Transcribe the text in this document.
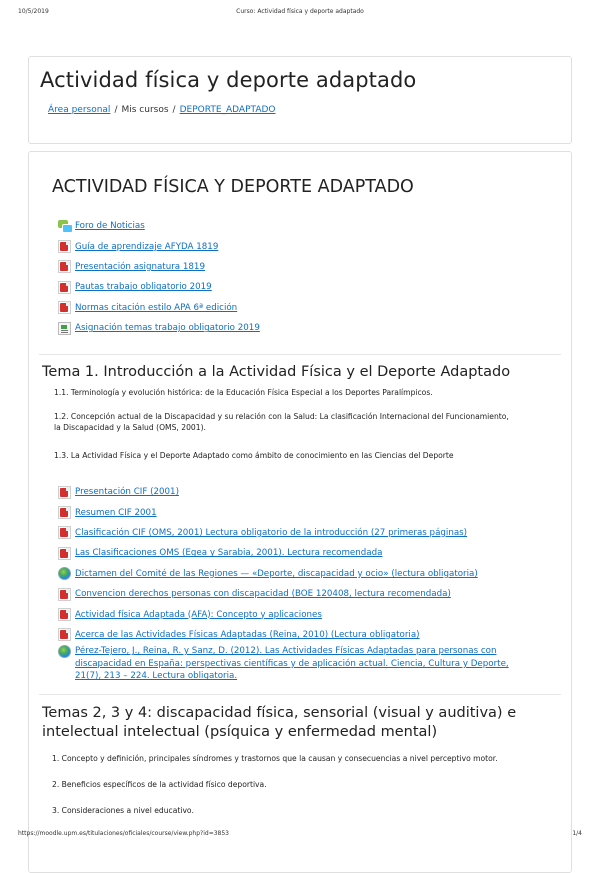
10/5/2019	Curso: Actividad física y deporte adaptado
Actividad física y deporte adaptado
Área personal / Mis cursos / DEPORTE_ADAPTADO
ACTIVIDAD FÍSICA Y DEPORTE ADAPTADO
Foro de Noticias
Guía de aprendizaje AFYDA 1819
Presentación asignatura 1819
Pautas trabajo obligatorio 2019
Normas citación estilo APA 6ª edición
Asignación temas trabajo obligatorio 2019
Tema 1. Introducción a la Actividad Física y el Deporte Adaptado

1.1. Terminología y evolución histórica: de la Educación Física Especial a los Deportes Paralímpicos.

1.2. Concepción actual de la Discapacidad y su relación con la Salud: La clasificación Internacional del Funcionamiento, la Discapacidad y la Salud (OMS, 2001).

1.3. La Actividad Física y el Deporte Adaptado como ámbito de conocimiento en las Ciencias del Deporte

Presentación CIF (2001)
Resumen CIF 2001
Clasificación CIF (OMS, 2001) Lectura obligatorio de la introducción (27 primeras páginas)
Las Clasificaciones OMS (Egea y Sarabia, 2001). Lectura recomendada
Dictamen del Comité de las Regiones — «Deporte, discapacidad y ocio» (lectura obligatoria)
Convencion derechos personas con discapacidad (BOE 120408, lectura recomendada)
Actividad física Adaptada (AFA): Concepto y aplicaciones
Acerca de las Actividades Físicas Adaptadas (Reina, 2010) (Lectura obligatoria)
Pérez-Tejero, J., Reina, R. y Sanz, D. (2012). Las Actividades Físicas Adaptadas para personas con discapacidad en España: perspectivas científicas y de aplicación actual. Ciencia, Cultura y Deporte, 21(7), 213 – 224. Lectura obligatoria.
Temas 2, 3 y 4: discapacidad física, sensorial (visual y auditiva) e intelectual intelectual (psíquica y enfermedad mental)

1. Concepto y definición, principales síndromes y trastornos que la causan y consecuencias a nivel perceptivo motor.

2. Beneficios específicos de la actividad físico deportiva.

3. Consideraciones a nivel educativo.

https://moodle.upm.es/titulaciones/oficiales/course/view.php?id=3853	1/4
